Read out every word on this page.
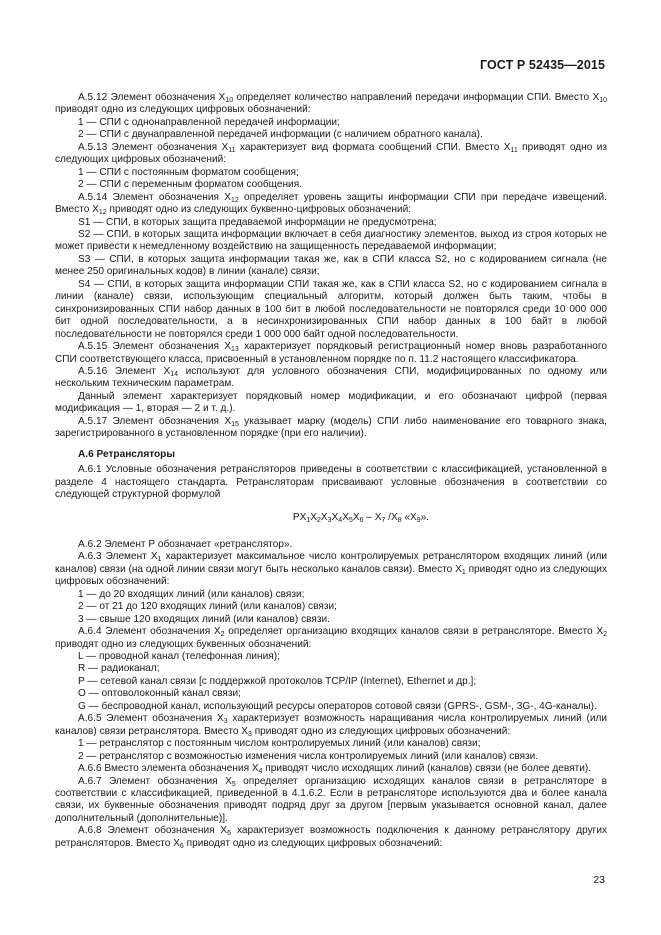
ГОСТ Р 52435—2015

А.5.12 Элемент обозначения $X_{10}$ определяет количество направлений передачи информации СПИ. Вместо $X_{10}$ приводят одно из следующих цифровых обозначений:

1 — СПИ с однонаправленной передачей информации;

2 — СПИ с двунаправленной передачей информации (с наличием обратного канала).

А.5.13 Элемент обозначения $X_{11}$ характеризует вид формата сообщений СПИ. Вместо $X_{11}$ приводят одно из следующих цифровых обозначений:

1 — СПИ с постоянным форматом сообщения;

2 — СПИ с переменным форматом сообщения.

А.5.14 Элемент обозначения $X_{12}$ определяет уровень защиты информации СПИ при передаче извещений. Вместо $X_{12}$ приводят одно из следующих буквенно-цифровых обозначений:

S1 — СПИ, в которых защита предаваемой информации не предусмотрена;

S2 — СПИ, в которых защита информации включает в себя диагностику элементов, выход из строя которых не может привести к немедленному воздействию на защищенность передаваемой информации;

S3 — СПИ, в которых защита информации такая же, как в СПИ класса S2, но с кодированием сигнала (не менее 250 оригинальных кодов) в линии (канале) связи;

S4 — СПИ, в которых защита информации СПИ такая же, как в СПИ класса S2, но с кодированием сигнала в линии (канале) связи, использующим специальный алгоритм, который должен быть таким, чтобы в синхронизированных СПИ набор данных в 100 бит в любой последовательности не повторялся среди 10 000 000 бит одной последовательности, а в несинхронизированных СПИ набор данных в 100 байт в любой последовательности не повторялся среди 1 000 000 байт одной последовательности.

А.5.15 Элемент обозначения $X_{13}$ характеризует порядковый регистрационный номер вновь разработанного СПИ соответствующего класса, присвоенный в установленном порядке по п. 11.2 настоящего классификатора.

А.5.16 Элемент $X_{14}$ используют для условного обозначения СПИ, модифицированных по одному или нескольким техническим параметрам.

Данный элемент характеризует порядковый номер модификации, и его обозначают цифрой (первая модификация — 1, вторая — 2 и т. д.).

А.5.17 Элемент обозначения $X_{15}$ указывает марку (модель) СПИ либо наименование его товарного знака, зарегистрированного в установленном порядке (при его наличии).

А.6 Ретрансляторы

А.6.1 Условные обозначения ретрансляторов приведены в соответствии с классификацией, установленной в разделе 4 настоящего стандарта. Ретрансляторам присваивают условные обозначения в соответствии со следующей структурной формулой

$РX_1X_2X_3X_4X_5X_6 - X_7$ $/X_8$ «$X_9$».

А.6.2 Элемент Р обозначает «ретранслятор».

А.6.3 Элемент $X_1$ характеризует максимальное число контролируемых ретранслятором входящих линий (или каналов) связи (на одной линии связи могут быть несколько каналов связи). Вместо $X_1$ приводят одно из следующих цифровых обозначений:

1 — до 20 входящих линий (или каналов) связи;

2 — от 21 до 120 входящих линий (или каналов) связи;

3 — свыше 120 входящих линий (или каналов) связи.

А.6.4 Элемент обозначения $X_2$ определяет организацию входящих каналов связи в ретрансляторе. Вместо $X_2$ приводят одно из следующих буквенных обозначений:

L — проводной канал (телефонная линия);

R — радиоканал;

P — сетевой канал связи [с поддержкой протоколов TCP/IP (Internet), Ethernet и др.];

O — оптоволоконный канал связи;

G — беспроводной канал, использующий ресурсы операторов сотовой связи (GPRS-, GSM-, 3G-, 4G-каналы).

А.6.5 Элемент обозначения $X_3$ характеризует возможность наращивания числа контролируемых линий (или каналов) связи ретранслятора. Вместо $X_3$ приводят одно из следующих цифровых обозначений:

1 — ретранслятор с постоянным числом контролируемых линий (или каналов) связи;

2 — ретранслятор с возможностью изменения числа контролируемых линий (или каналов) связи.

А.6.6 Вместо элемента обозначения $X_4$ приводят число исходящих линий (каналов) связи (не более девяти).

А.6.7 Элемент обозначения $X_5$ определяет организацию исходящих каналов связи в ретрансляторе в соответствии с классификацией, приведенной в 4.1.6.2. Если в ретрансляторе используются два и более канала связи, их буквенные обозначения приводят подряд друг за другом [первым указывается основной канал, далее дополнительный (дополнительные)].

А.6.8 Элемент обозначения $X_6$ характеризует возможность подключения к данному ретранслятору других ретрансляторов. Вместо $X_6$ приводят одно из следующих цифровых обозначений:

23
